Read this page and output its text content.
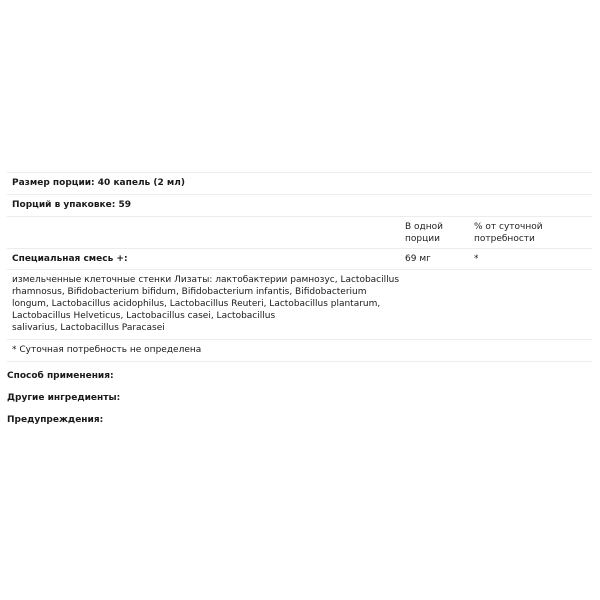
Размер порции: 40 капель (2 мл)
Порций в упаковке: 59
В одной
порции
% от суточной
потребности
Специальная смесь +:	69 мг	*
измельченные клеточные стенки Лизаты: лактобактерии рамнозус, Lactobacillus
rhamnosus, Bifidobacterium bifidum, Bifidobacterium infantis, Bifidobacterium
longum, Lactobacillus acidophilus, Lactobacillus Reuteri, Lactobacillus plantarum,
Lactobacillus Helveticus, Lactobacillus casei, Lactobacillus
salivarius, Lactobacillus Paracasei
* Суточная потребность не определена
Способ применения:
Другие ингредиенты:
Предупреждения:
